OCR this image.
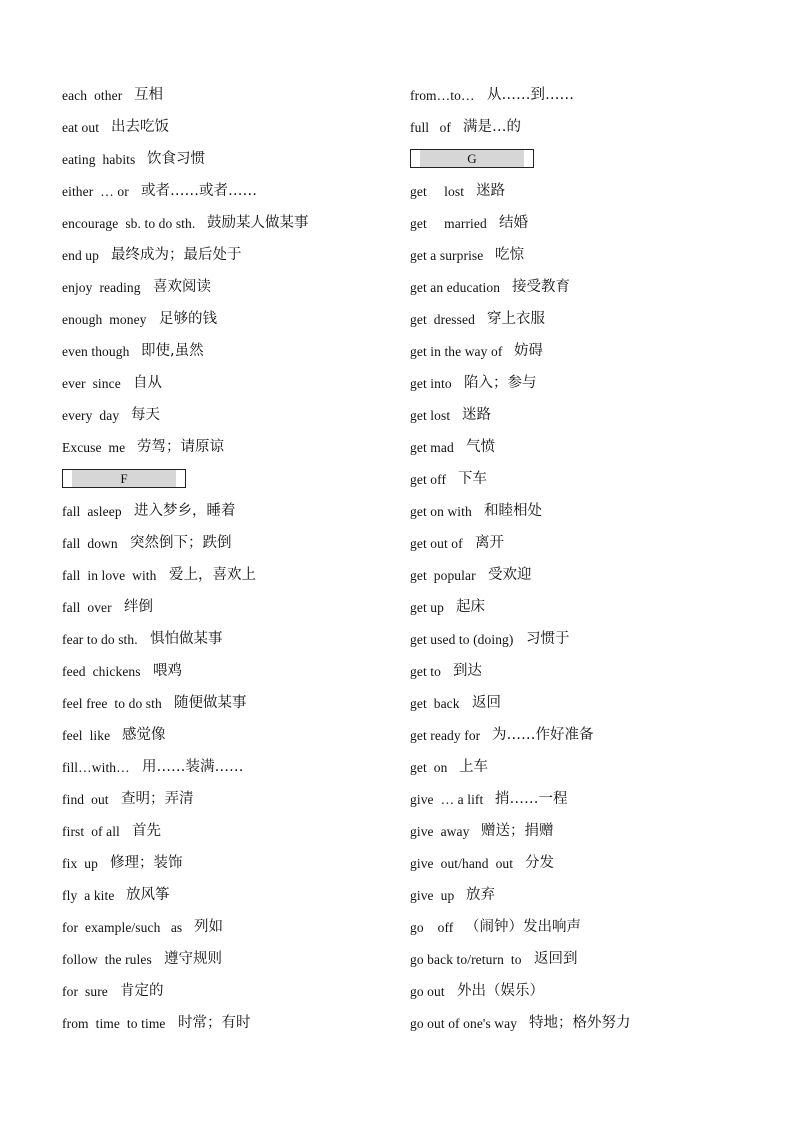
each  other 互相
eat out 出去吃饭
eating  habits 饮食习惯
either  … or 或者……或者……
encourage  sb. to do sth. 鼓励某人做某事
end up 最终成为；最后处于
enjoy  reading 喜欢阅读
enough  money 足够的钱
even though 即使,虽然
ever  since 自从
every  day 每天
Excuse  me 劳驾；请原谅
F
fall  asleep 进入梦乡，睡着
fall  down 突然倒下；跌倒
fall  in love  with 爱上，喜欢上
fall  over 绊倒
fear to do sth. 惧怕做某事
feed  chickens 喂鸡
feel free  to do sth 随便做某事
feel  like 感觉像
fill…with… 用……装满……
find  out 查明；弄清
first  of all 首先
fix  up 修理；装饰
fly  a kite 放风筝
for  example/such   as 列如
follow  the rules 遵守规则
for  sure 肯定的
from  time  to time 时常；有时
from…to… 从……到……
full   of 满是…的
G
get     lost 迷路
get     married 结婚
get a surprise 吃惊
get an education 接受教育
get  dressed 穿上衣服
get in the way of 妨碍
get into 陷入；参与
get lost 迷路
get mad 气愤
get off 下车
get on with 和睦相处
get out of 离开
get  popular 受欢迎
get up 起床
get used to (doing) 习惯于
get to 到达
get  back 返回
get ready for 为……作好准备
get  on 上车
give  … a lift 捎……一程
give  away 赠送；捐赠
give  out/hand  out 分发
give  up 放弃
go    off （闹钟）发出响声
go back to/return  to 返回到
go out 外出（娱乐）
go out of one's way 特地；格外努力
